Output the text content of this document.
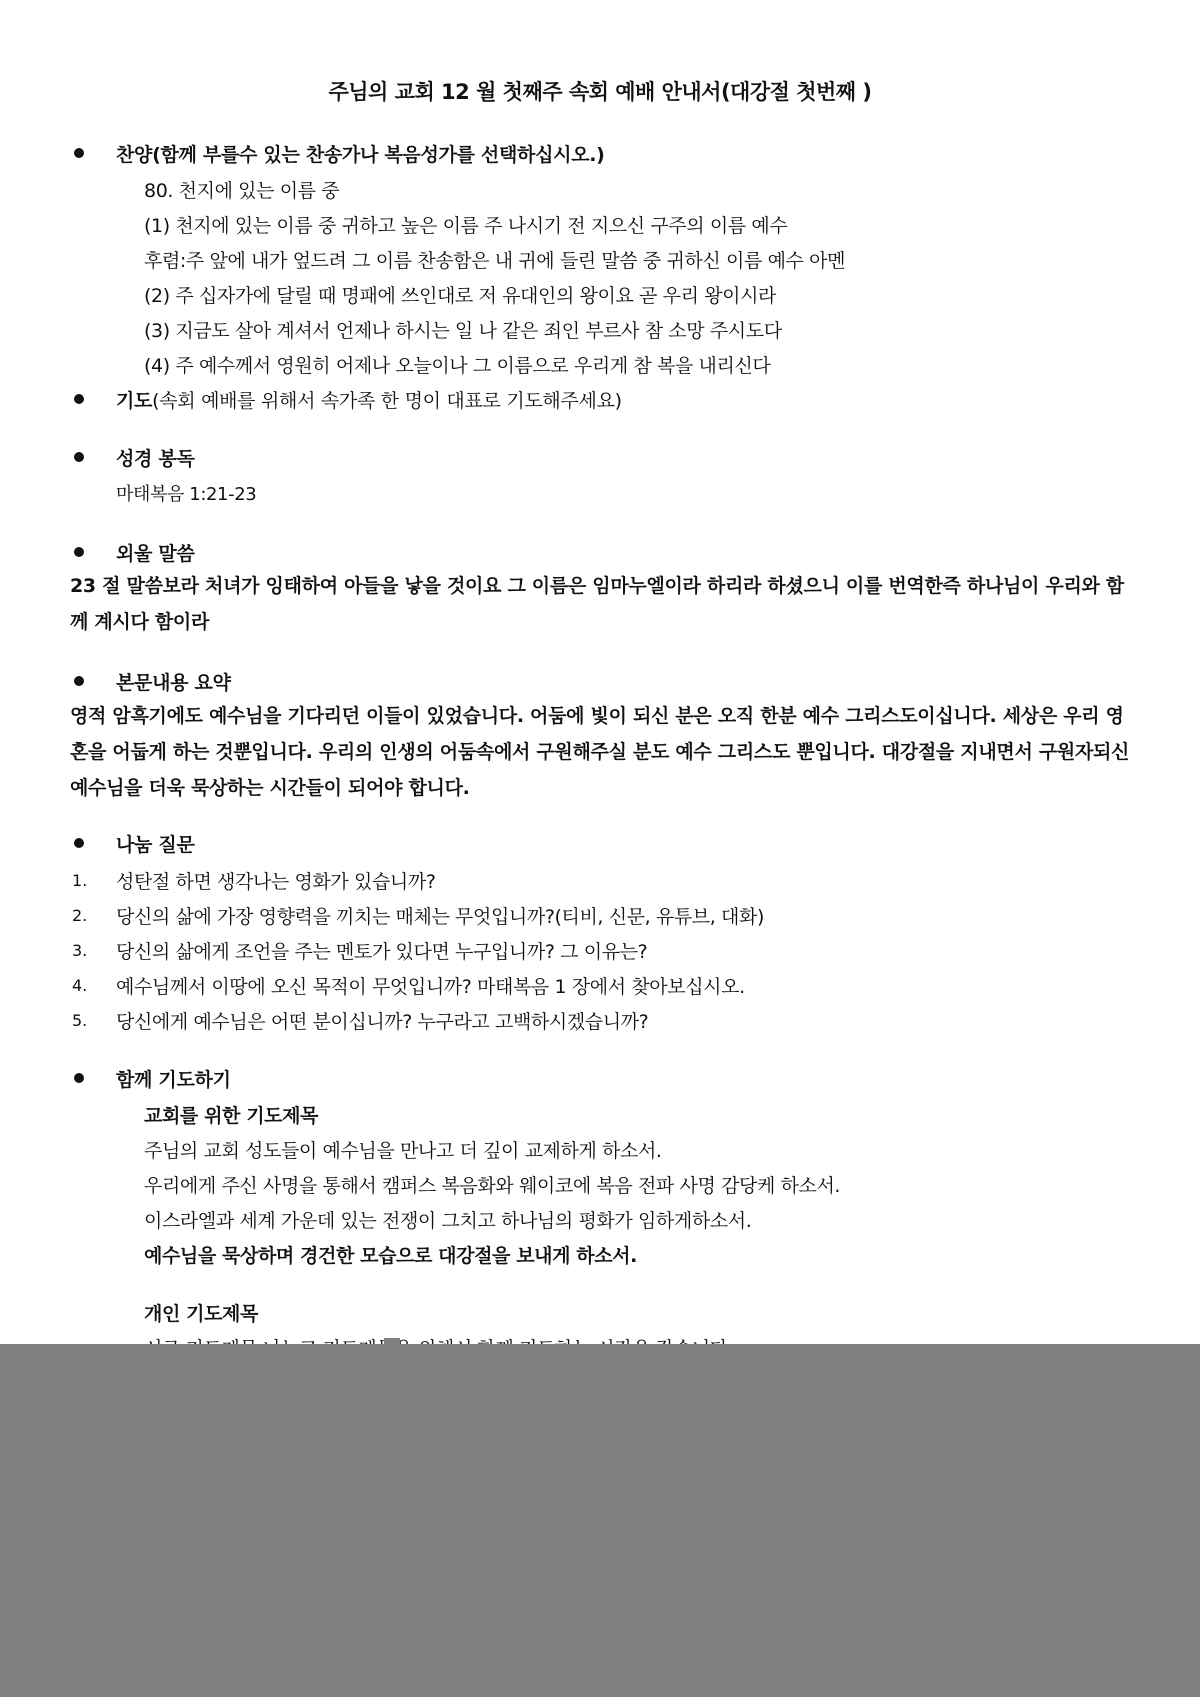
주님의 교회 12 월 첫째주 속회 예배 안내서(대강절 첫번째 )
찬양(함께 부를수 있는 찬송가나 복음성가를 선택하십시오.)
80. 천지에 있는 이름 중
(1) 천지에 있는 이름 중 귀하고 높은 이름 주 나시기 전 지으신 구주의 이름 예수
후렴:주 앞에 내가 엎드려 그 이름 찬송함은 내 귀에 들린 말씀 중 귀하신 이름 예수 아멘
(2) 주 십자가에 달릴 때 명패에 쓰인대로 저 유대인의 왕이요 곧 우리 왕이시라
(3) 지금도 살아 계셔서 언제나 하시는 일 나 같은 죄인 부르사 참 소망 주시도다
(4) 주 예수께서 영원히 어제나 오늘이나 그 이름으로 우리게 참 복을 내리신다
기도(속회 예배를 위해서 속가족 한 명이 대표로 기도해주세요)
성경 봉독
마태복음 1:21-23
외울 말씀
23 절 말씀보라 처녀가 잉태하여 아들을 낳을 것이요 그 이름은 임마누엘이라 하리라 하셨으니 이를 번역한즉 하나님이 우리와 함께 계시다 함이라
본문내용 요약
영적 암흑기에도 예수님을 기다리던 이들이 있었습니다. 어둠에 빛이 되신 분은 오직 한분 예수 그리스도이십니다. 세상은 우리 영혼을 어둡게 하는 것뿐입니다. 우리의 인생의 어둠속에서 구원해주실 분도 예수 그리스도 뿐입니다. 대강절을 지내면서 구원자되신 예수님을 더욱 묵상하는 시간들이 되어야 합니다.
나눔 질문
1. 성탄절 하면 생각나는 영화가 있습니까?
2. 당신의 삶에 가장 영향력을 끼치는 매체는 무엇입니까?(티비, 신문, 유튜브, 대화)
3. 당신의 삶에게 조언을 주는 멘토가 있다면 누구입니까? 그 이유는?
4. 예수님께서 이땅에 오신 목적이 무엇입니까? 마태복음 1 장에서 찾아보십시오.
5. 당신에게 예수님은 어떤 분이십니까? 누구라고 고백하시겠습니까?
함께 기도하기
교회를 위한 기도제목
주님의 교회 성도들이 예수님을 만나고 더 깊이 교제하게 하소서.
우리에게 주신 사명을 통해서 캠퍼스 복음화와 웨이코에 복음 전파 사명 감당케 하소서.
이스라엘과 세계 가운데 있는 전쟁이 그치고 하나님의 평화가 임하게하소서.
예수님을 묵상하며 경건한 모습으로 대강절을 보내게 하소서.
개인 기도제목
